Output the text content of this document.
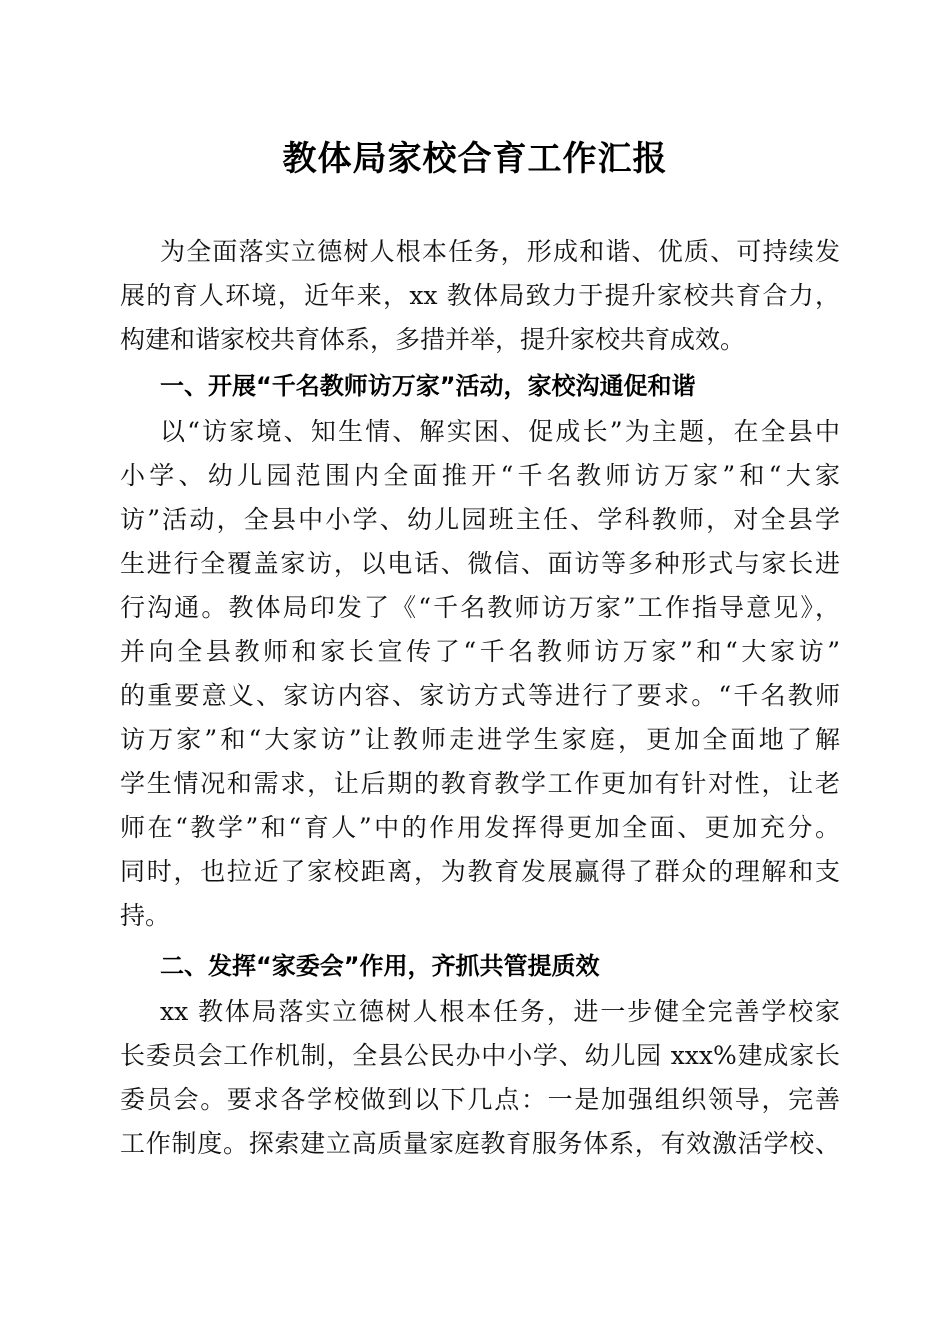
教体局家校合育工作汇报
为全面落实立德树人根本任务，形成和谐、优质、可持续发
展的育人环境，近年来，xx 教体局致力于提升家校共育合力，
构建和谐家校共育体系，多措并举，提升家校共育成效。
一、开展“千名教师访万家”活动，家校沟通促和谐
以“访家境、知生情、解实困、促成长”为主题，在全县中
小学、幼儿园范围内全面推开“千名教师访万家”和“大家
访”活动，全县中小学、幼儿园班主任、学科教师，对全县学
生进行全覆盖家访，以电话、微信、面访等多种形式与家长进
行沟通。教体局印发了《“千名教师访万家”工作指导意见》，
并向全县教师和家长宣传了“千名教师访万家”和“大家访”
的重要意义、家访内容、家访方式等进行了要求。“千名教师
访万家”和“大家访”让教师走进学生家庭，更加全面地了解
学生情况和需求，让后期的教育教学工作更加有针对性，让老
师在“教学”和“育人”中的作用发挥得更加全面、更加充分。
同时，也拉近了家校距离，为教育发展赢得了群众的理解和支
持。
二、发挥“家委会”作用，齐抓共管提质效
xx 教体局落实立德树人根本任务，进一步健全完善学校家
长委员会工作机制，全县公民办中小学、幼儿园 xxx%建成家长
委员会。要求各学校做到以下几点：一是加强组织领导，完善
工作制度。探索建立高质量家庭教育服务体系，有效激活学校、
